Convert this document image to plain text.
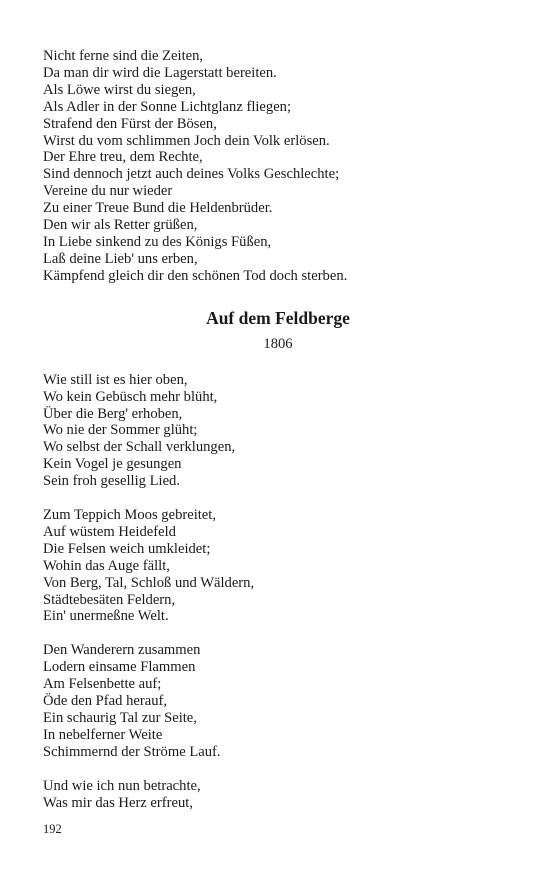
Nicht ferne sind die Zeiten,
Da man dir wird die Lagerstatt bereiten.
Als Löwe wirst du siegen,
Als Adler in der Sonne Lichtglanz fliegen;
Strafend den Fürst der Bösen,
Wirst du vom schlimmen Joch dein Volk erlösen.
Der Ehre treu, dem Rechte,
Sind dennoch jetzt auch deines Volks Geschlechte;
Vereine du nur wieder
Zu einer Treue Bund die Heldenbrüder.
Den wir als Retter grüßen,
In Liebe sinkend zu des Königs Füßen,
Laß deine Lieb' uns erben,
Kämpfend gleich dir den schönen Tod doch sterben.
Auf dem Feldberge
1806
Wie still ist es hier oben,
Wo kein Gebüsch mehr blüht,
Über die Berg' erhoben,
Wo nie der Sommer glüht;
Wo selbst der Schall verklungen,
Kein Vogel je gesungen
Sein froh gesellig Lied.
Zum Teppich Moos gebreitet,
Auf wüstem Heidefeld
Die Felsen weich umkleidet;
Wohin das Auge fällt,
Von Berg, Tal, Schloß und Wäldern,
Städtebesäten Feldern,
Ein' unermeßne Welt.
Den Wanderern zusammen
Lodern einsame Flammen
Am Felsenbette auf;
Öde den Pfad herauf,
Ein schaurig Tal zur Seite,
In nebelferner Weite
Schimmernd der Ströme Lauf.
Und wie ich nun betrachte,
Was mir das Herz erfreut,
192
